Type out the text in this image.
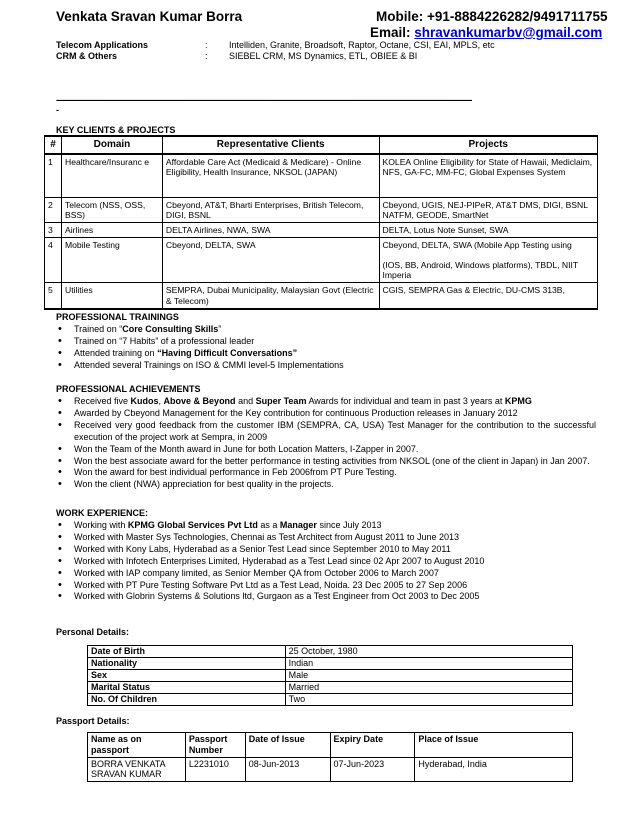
Venkata Sravan Kumar Borra	Mobile: +91-8884226282/9491711755
Email: shravankumarbv@gmail.com
Telecom Applications	: Intelliden, Granite, Broadsoft, Raptor, Octane, CSI, EAI, MPLS, etc
CRM & Others	: SIEBEL CRM, MS Dynamics, ETL, OBIEE & BI
----------------------------------------------------------------------------------------------------------------------------------------------------------------------------------------------------------------
-
KEY CLIENTS & PROJECTS
#	Domain	Representative Clients	Projects
1	Healthcare/Insuranc e	Affordable Care Act (Medicaid & Medicare) - Online Eligibility, Health Insurance, NKSOL (JAPAN)	KOLEA Online Eligibility for State of Hawaii, Mediclaim, NFS, GA-FC, MM-FC, Global Expenses System
2	Telecom (NSS, OSS, BSS)	Cbeyond, AT&T, Bharti Enterprises, British Telecom, DIGI, BSNL	Cbeyond, UGIS, NEJ-PIPeR, AT&T DMS, DIGI, BSNL NATFM, GEODE, SmartNet
3	Airlines	DELTA Airlines, NWA, SWA	DELTA, Lotus Note Sunset, SWA
4	Mobile Testing	Cbeyond, DELTA, SWA	Cbeyond, DELTA, SWA (Mobile App Testing using
(IOS, BB, Android, Windows platforms), TBDL, NIIT Imperia

5	Utilities	SEMPRA, Dubai Municipality, Malaysian Govt (Electric & Telecom)	CGIS, SEMPRA Gas & Electric, DU-CMS 313B,
PROFESSIONAL TRAININGS
• Trained on “Core Consulting Skills”
• Trained on “7 Habits” of a professional leader
• Attended training on “Having Difficult Conversations”
• Attended several Trainings on ISO & CMMI level-5 Implementations
PROFESSIONAL ACHIEVEMENTS
• Received five Kudos, Above & Beyond and Super Team Awards for individual and team in past 3 years at KPMG
• Awarded by Cbeyond Management for the Key contribution for continuous Production releases in January 2012
• Received very good feedback from the customer IBM (SEMPRA, CA, USA) Test Manager for the contribution to the successful execution of the project work at Sempra, in 2009
• Won the Team of the Month award in June for both Location Matters, I-Zapper in 2007.
• Won the best associate award for the better performance in testing activities from NKSOL (one of the client in Japan) in Jan 2007.
• Won the award for best individual performance in Feb 2006from PT Pure Testing.
• Won the client (NWA) appreciation for best quality in the projects.
WORK EXPERIENCE:
• Working with KPMG Global Services Pvt Ltd as a Manager since July 2013
• Worked with Master Sys Technologies, Chennai as Test Architect from August 2011 to June 2013
• Worked with Kony Labs, Hyderabad as a Senior Test Lead since September 2010 to May 2011
• Worked with Infotech Enterprises Limited, Hyderabad as a Test Lead since 02 Apr 2007 to August 2010
• Worked with IAP company limited, as Senior Member QA from October 2006 to March 2007
• Worked with PT Pure Testing Software Pvt Ltd as a Test Lead, Noida. 23 Dec 2005 to 27 Sep 2006
• Worked with Globrin Systems & Solutions ltd, Gurgaon as a Test Engineer from Oct 2003 to Dec 2005
Personal Details:
Date of Birth	25 October, 1980
Nationality	Indian
Sex	Male
Marital Status	Married
No. Of Children	Two
Passport Details:
Name as on passport	Passport Number	Date of Issue	Expiry Date	Place of Issue
BORRA VENKATA SRAVAN KUMAR	L2231010	08-Jun-2013	07-Jun-2023	Hyderabad, India
